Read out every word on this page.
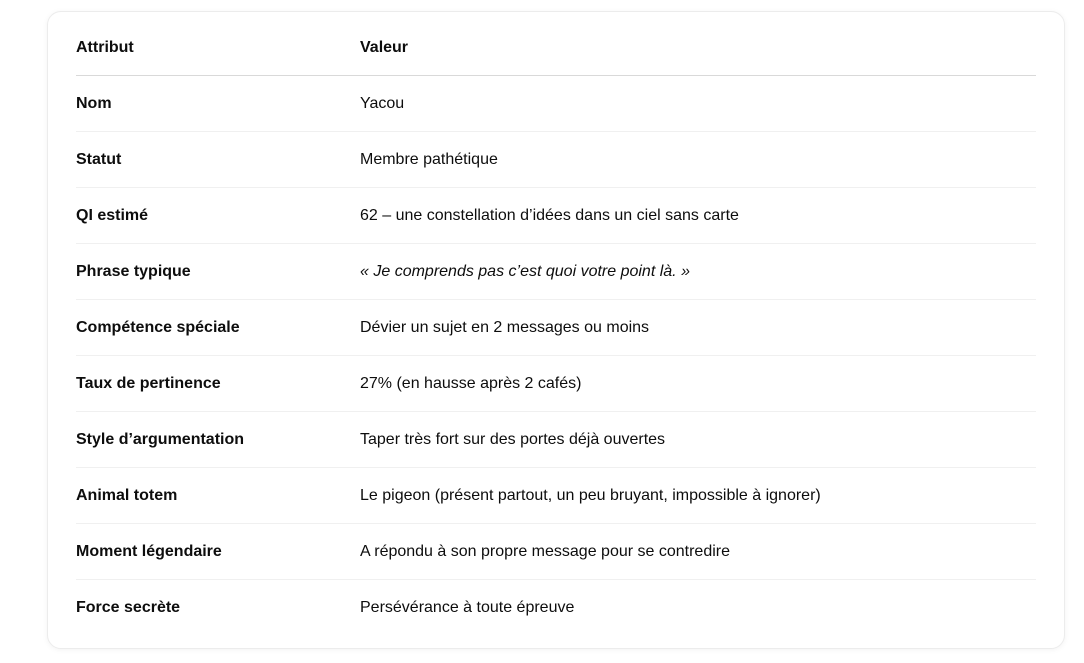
Attribut	Valeur
Nom	Yacou
Statut	Membre pathétique
QI estimé	62 – une constellation d’idées dans un ciel sans carte
Phrase typique	« Je comprends pas c’est quoi votre point là. »
Compétence spéciale	Dévier un sujet en 2 messages ou moins
Taux de pertinence	27% (en hausse après 2 cafés)
Style d’argumentation	Taper très fort sur des portes déjà ouvertes
Animal totem	Le pigeon (présent partout, un peu bruyant, impossible à ignorer)
Moment légendaire	A répondu à son propre message pour se contredire
Force secrète	Persévérance à toute épreuve
